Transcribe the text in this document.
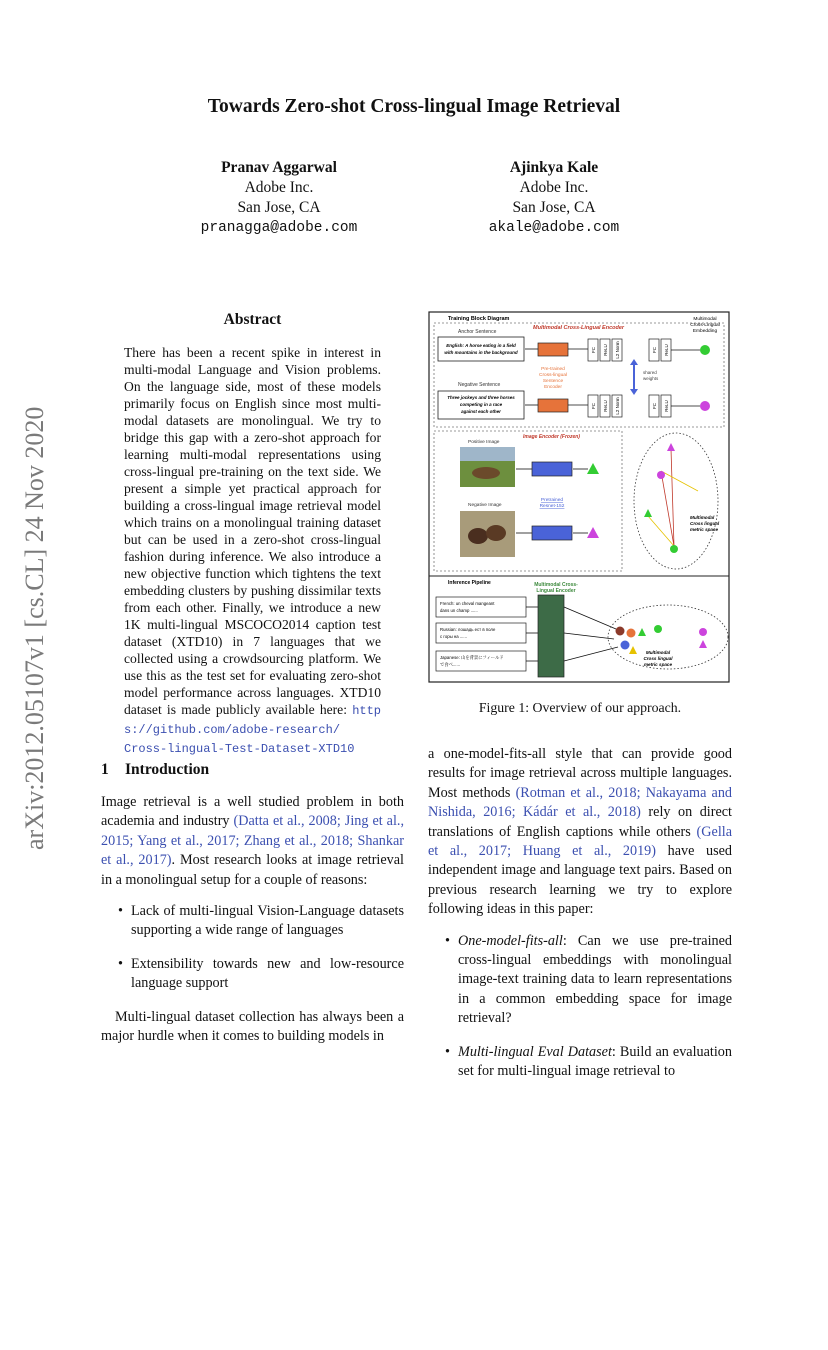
Towards Zero-shot Cross-lingual Image Retrieval
Pranav Aggarwal
Adobe Inc.
San Jose, CA
pranagga@adobe.com
Ajinkya Kale
Adobe Inc.
San Jose, CA
akale@adobe.com
arXiv:2012.05107v1 [cs.CL] 24 Nov 2020
Abstract
There has been a recent spike in interest in multi-modal Language and Vision problems. On the language side, most of these models primarily focus on English since most multi-modal datasets are monolingual. We try to bridge this gap with a zero-shot approach for learning multi-modal representations using cross-lingual pre-training on the text side. We present a simple yet practical approach for building a cross-lingual image retrieval model which trains on a monolingual training dataset but can be used in a zero-shot cross-lingual fashion during inference. We also introduce a new objective function which tightens the text embedding clusters by pushing dissimilar texts from each other. Finally, we introduce a new 1K multi-lingual MSCOCO2014 caption test dataset (XTD10) in 7 languages that we collected using a crowdsourcing platform. We use this as the test set for evaluating zero-shot model performance across languages. XTD10 dataset is made publicly available here: https://github.com/adobe-research/
Cross-lingual-Test-Dataset-XTD10
1 Introduction

Image retrieval is a well studied problem in both academia and industry (Datta et al., 2008; Jing et al., 2015; Yang et al., 2017; Zhang et al., 2018; Shankar et al., 2017). Most research looks at image retrieval in a monolingual setup for a couple of reasons:

• Lack of multi-lingual Vision-Language datasets supporting a wide range of languages
• Extensibility towards new and low-resource language support

Multi-lingual dataset collection has always been a major hurdle when it comes to building models in

a one-model-fits-all style that can provide good results for image retrieval across multiple languages. Most methods (Rotman et al., 2018; Nakayama and Nishida, 2016; Kádár et al., 2018) rely on direct translations of English captions while others (Gella et al., 2017; Huang et al., 2019) have used independent image and language text pairs. Based on previous research learning we try to explore following ideas in this paper:

• One-model-fits-all: Can we use pre-trained cross-lingual embeddings with monolingual image-text training data to learn representations in a common embedding space for image retrieval?
• Multi-lingual Eval Dataset: Build an evaluation set for multi-lingual image retrieval to
Training Block Diagram
Multimodal Cross-Lingual Encoder
Anchor Sentence
English: A horse eating in a field
with mountains in the background
Negative Sentence
Three jockeys and three horses
competing in a race
against each other
Pre-trained
Cross-lingual
Sentence
Encoder
FC ReLU L2 Norm
FC ReLU L2 Norm
shared
weights
FC ReLU
FC ReLU
Multimodal
Cross-Lingual
Embedding
Image Encoder (Frozen)
Positive Image
Negative Image
Pretrained
Resnet-152
Multimodal
Cross lingual
metric space
Inference Pipeline	Multimodal Cross-
Lingual Encoder
French: un cheval mangeant
dans un champ ......
Russian: лошадь ест в поле
с горы на ......
Japanese: 山を背景にフィールド
で食べ......
Multimodal
Cross lingual
metric space
Figure 1: Overview of our approach.
